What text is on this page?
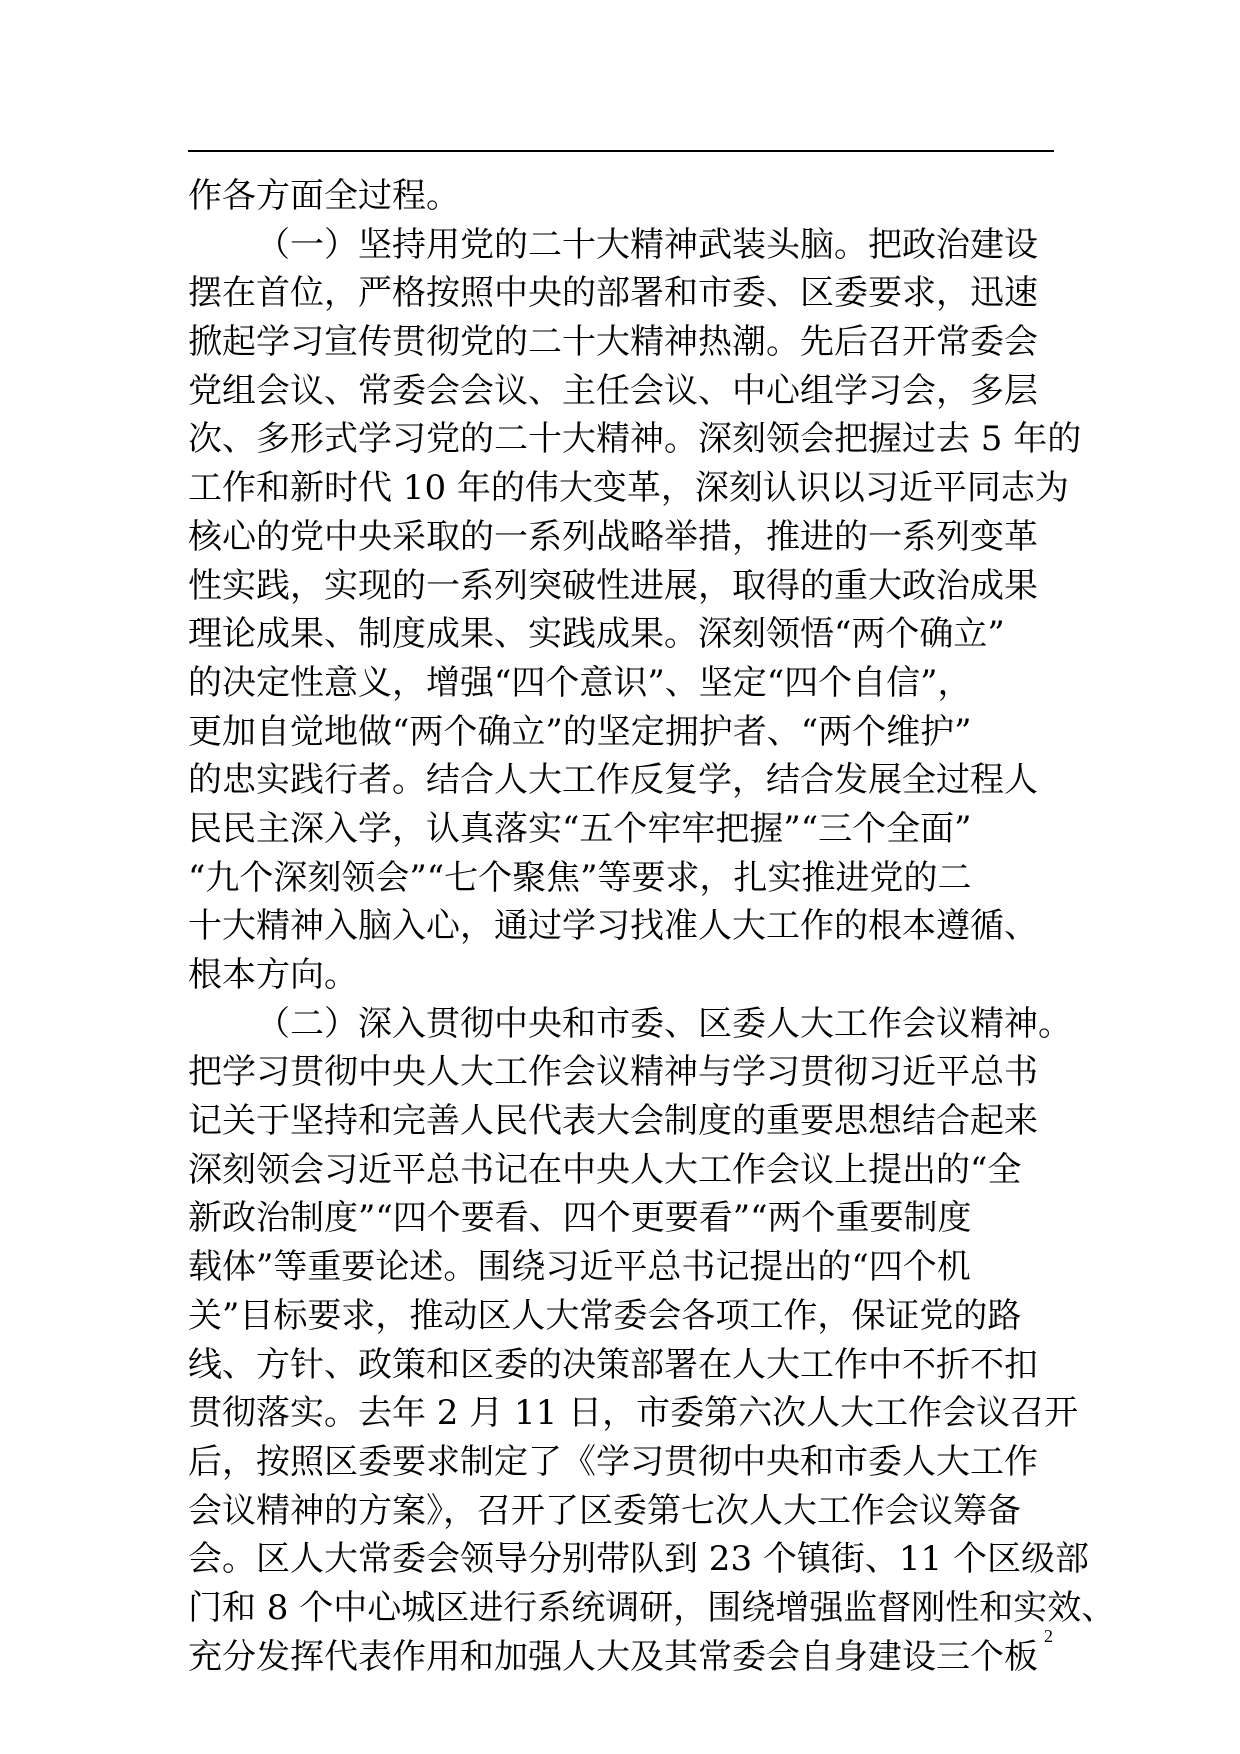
作各方面全过程。
（一）坚持用党的二十大精神武装头脑。把政治建设
摆在首位，严格按照中央的部署和市委、区委要求，迅速
掀起学习宣传贯彻党的二十大精神热潮。先后召开常委会
党组会议、常委会会议、主任会议、中心组学习会，多层
次、多形式学习党的二十大精神。深刻领会把握过去 5 年的
工作和新时代 10 年的伟大变革，深刻认识以习近平同志为
核心的党中央采取的一系列战略举措，推进的一系列变革
性实践，实现的一系列突破性进展，取得的重大政治成果
理论成果、制度成果、实践成果。深刻领悟“两个确立”
的决定性意义，增强“四个意识”、坚定“四个自信”，
更加自觉地做“两个确立”的坚定拥护者、“两个维护”
的忠实践行者。结合人大工作反复学，结合发展全过程人
民民主深入学，认真落实“五个牢牢把握”“三个全面”
“九个深刻领会”“七个聚焦”等要求，扎实推进党的二
十大精神入脑入心，通过学习找准人大工作的根本遵循、
根本方向。
（二）深入贯彻中央和市委、区委人大工作会议精神。
把学习贯彻中央人大工作会议精神与学习贯彻习近平总书
记关于坚持和完善人民代表大会制度的重要思想结合起来
深刻领会习近平总书记在中央人大工作会议上提出的“全
新政治制度”“四个要看、四个更要看”“两个重要制度
载体”等重要论述。围绕习近平总书记提出的“四个机
关”目标要求，推动区人大常委会各项工作，保证党的路
线、方针、政策和区委的决策部署在人大工作中不折不扣
贯彻落实。去年 2 月 11 日，市委第六次人大工作会议召开
后，按照区委要求制定了《学习贯彻中央和市委人大工作
会议精神的方案》，召开了区委第七次人大工作会议筹备
会。区人大常委会领导分别带队到 23 个镇街、11 个区级部
门和 8 个中心城区进行系统调研，围绕增强监督刚性和实效、
充分发挥代表作用和加强人大及其常委会自身建设三个板
2
